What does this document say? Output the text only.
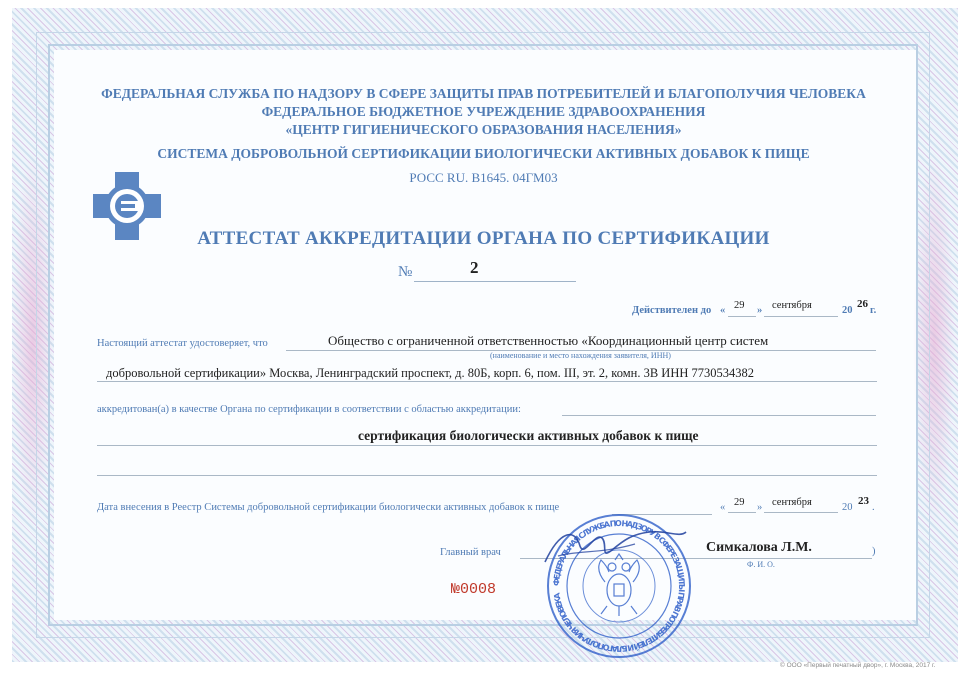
ФЕДЕРАЛЬНАЯ СЛУЖБА ПО НАДЗОРУ В СФЕРЕ ЗАЩИТЫ ПРАВ ПОТРЕБИТЕЛЕЙ И БЛАГОПОЛУЧИЯ ЧЕЛОВЕКА
ФЕДЕРАЛЬНОЕ БЮДЖЕТНОЕ УЧРЕЖДЕНИЕ ЗДРАВООХРАНЕНИЯ
«ЦЕНТР ГИГИЕНИЧЕСКОГО ОБРАЗОВАНИЯ НАСЕЛЕНИЯ»
СИСТЕМА ДОБРОВОЛЬНОЙ СЕРТИФИКАЦИИ БИОЛОГИЧЕСКИ АКТИВНЫХ ДОБАВОК К ПИЩЕ
РОСС RU. В1645. 04ГМ03
АТТЕСТАТ АККРЕДИТАЦИИ ОРГАНА ПО СЕРТИФИКАЦИИ
№	2
Действителен до « 29 » сентября	20
26
г.
Настоящий аттестат удостоверяет, что	Общество с ограниченной ответственностью «Координационный центр систем
(наименование и место нахождения заявителя, ИНН)
добровольной сертификации» Москва, Ленинградский проспект, д. 80Б, корп. 6, пом. III, эт. 2, комн. 3В ИНН 7730534382
аккредитован(а) в качестве Органа по сертификации в соответствии с областью аккредитации:
сертификация биологически активных добавок к пище
Дата внесения в Реестр Системы добровольной сертификации биологически активных добавок к пище	« 29 » сентября	20
23
.
Главный врач	Симкалова Л.М.	)
Ф. И. О.
ФЕДЕРАЛЬНАЯ СЛУЖБА ПО НАДЗОРУ В СФЕРЕ ЗАЩИТЫ ПРАВ ПОТРЕБИТЕЛЕЙ И БЛАГОПОЛУЧИЯ ЧЕЛОВЕКА
№0008
© ООО «Первый печатный двор», г. Москва, 2017 г.
